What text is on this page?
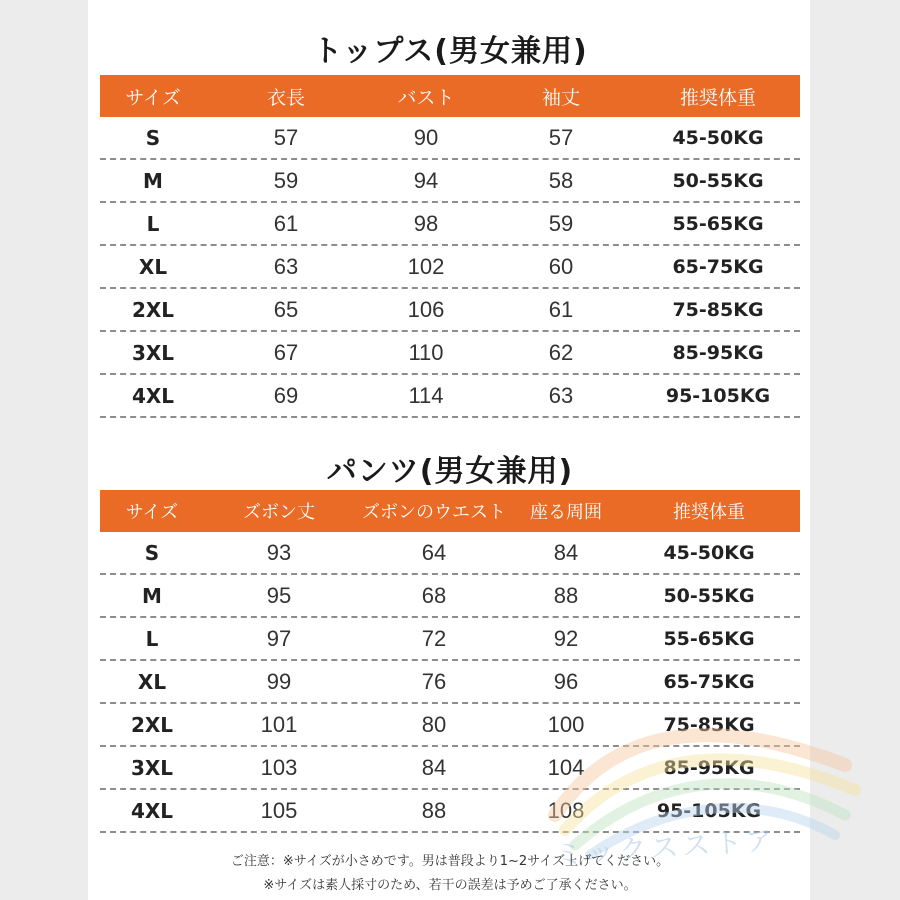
トップス(男女兼用)
サイズ	衣長	バスト	袖丈	推奨体重
S	57	90	57	45-50KG
M	59	94	58	50-55KG
L	61	98	59	55-65KG
XL	63	102	60	65-75KG
2XL	65	106	61	75-85KG
3XL	67	110	62	85-95KG
4XL	69	114	63	95-105KG
パンツ(男女兼用)
サイズ	ズボン丈	ズボンのウエスト	座る周囲	推奨体重
S	93	64	84	45-50KG
M	95	68	88	50-55KG
L	97	72	92	55-65KG
XL	99	76	96	65-75KG
2XL	101	80	100	75-85KG
3XL	103	84	104	85-95KG
4XL	105	88	108	95-105KG
ミックスストア
ご注意：※サイズが小さめです。男は普段より1~2サイズ上げてください。
※サイズは素人採寸のため、若干の誤差は予めご了承ください。
